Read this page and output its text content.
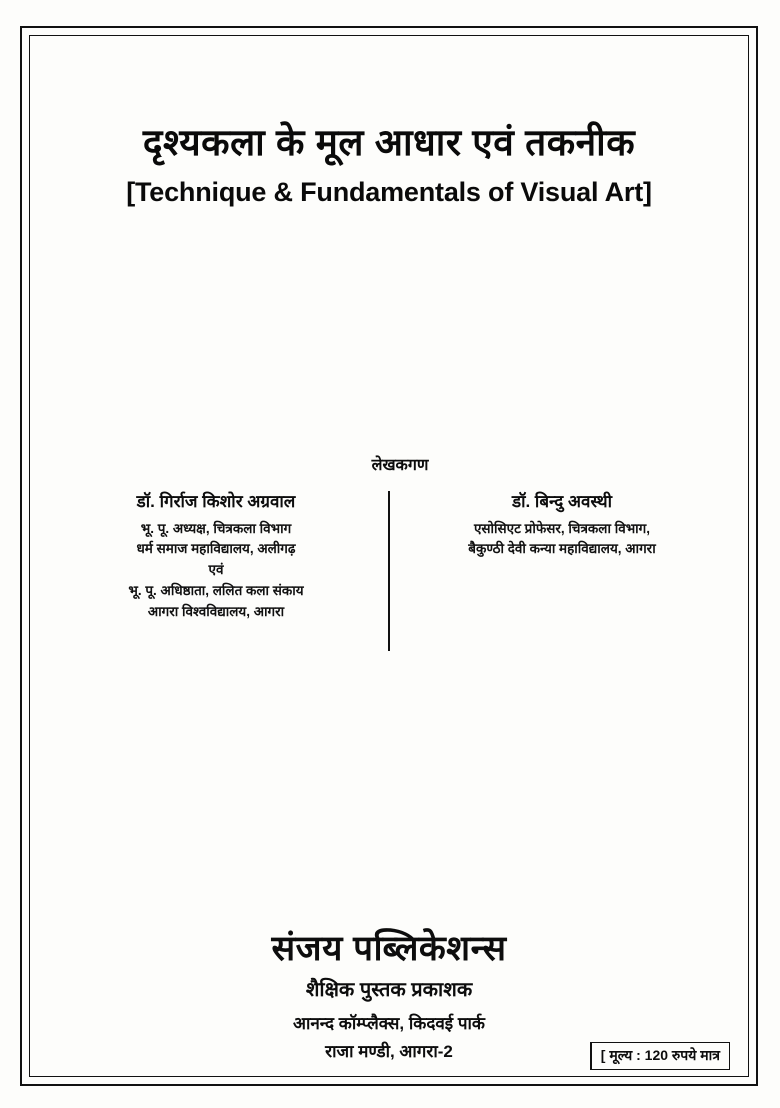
दृश्यकला के मूल आधार एवं तकनीक
[Technique & Fundamentals of Visual Art]
लेखकगण
डॉ. गिर्राज किशोर अग्रवाल
भू. पू. अध्यक्ष, चित्रकला विभाग
धर्म समाज महाविद्यालय, अलीगढ़
एवं
भू. पू. अधिष्ठाता, ललित कला संकाय
आगरा विश्वविद्यालय, आगरा
डॉ. बिन्दु अवस्थी
एसोसिएट प्रोफेसर, चित्रकला विभाग,
बैकुण्ठी देवी कन्या महाविद्यालय, आगरा
संजय पब्लिकेशन्स
शैक्षिक पुस्तक प्रकाशक
आनन्द कॉम्प्लैक्स, किदवई पार्क
राजा मण्डी, आगरा-2	[ मूल्य : 120 रुपये मात्र
